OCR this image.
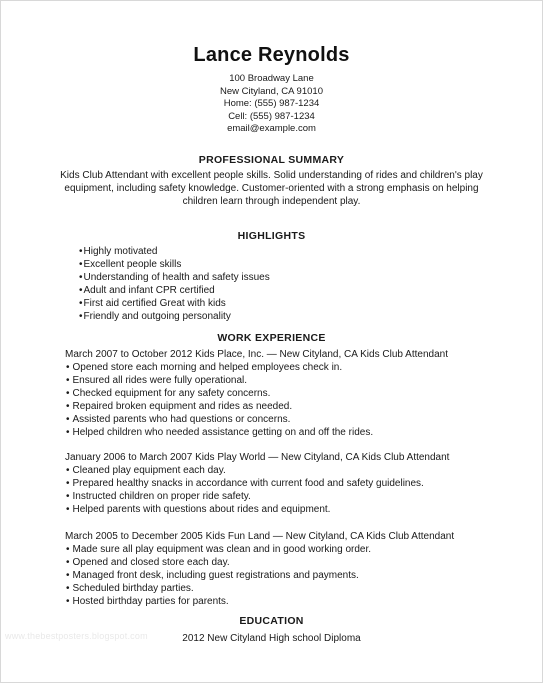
Lance Reynolds
100 Broadway Lane
New Cityland, CA 91010
Home: (555) 987-1234
Cell: (555) 987-1234
email@example.com
PROFESSIONAL SUMMARY
Kids Club Attendant with excellent people skills. Solid understanding of rides and children's play equipment, including safety knowledge. Customer-oriented with a strong emphasis on helping children learn through independent play.
HIGHLIGHTS
• Highly motivated
• Excellent people skills
• Understanding of health and safety issues
• Adult and infant CPR certified
• First aid certified Great with kids
• Friendly and outgoing personality
WORK EXPERIENCE
March 2007 to October 2012 Kids Place, Inc. — New Cityland, CA Kids Club Attendant
• Opened store each morning and helped employees check in.
• Ensured all rides were fully operational.
• Checked equipment for any safety concerns.
• Repaired broken equipment and rides as needed.
• Assisted parents who had questions or concerns.
• Helped children who needed assistance getting on and off the rides.
January 2006 to March 2007 Kids Play World — New Cityland, CA Kids Club Attendant
• Cleaned play equipment each day.
• Prepared healthy snacks in accordance with current food and safety guidelines.
• Instructed children on proper ride safety.
• Helped parents with questions about rides and equipment.
March 2005 to December 2005 Kids Fun Land — New Cityland, CA Kids Club Attendant
• Made sure all play equipment was clean and in good working order.
• Opened and closed store each day.
• Managed front desk, including guest registrations and payments.
• Scheduled birthday parties.
• Hosted birthday parties for parents.
EDUCATION
2012 New Cityland High school Diploma
www.thebestposters.blogspot.com
